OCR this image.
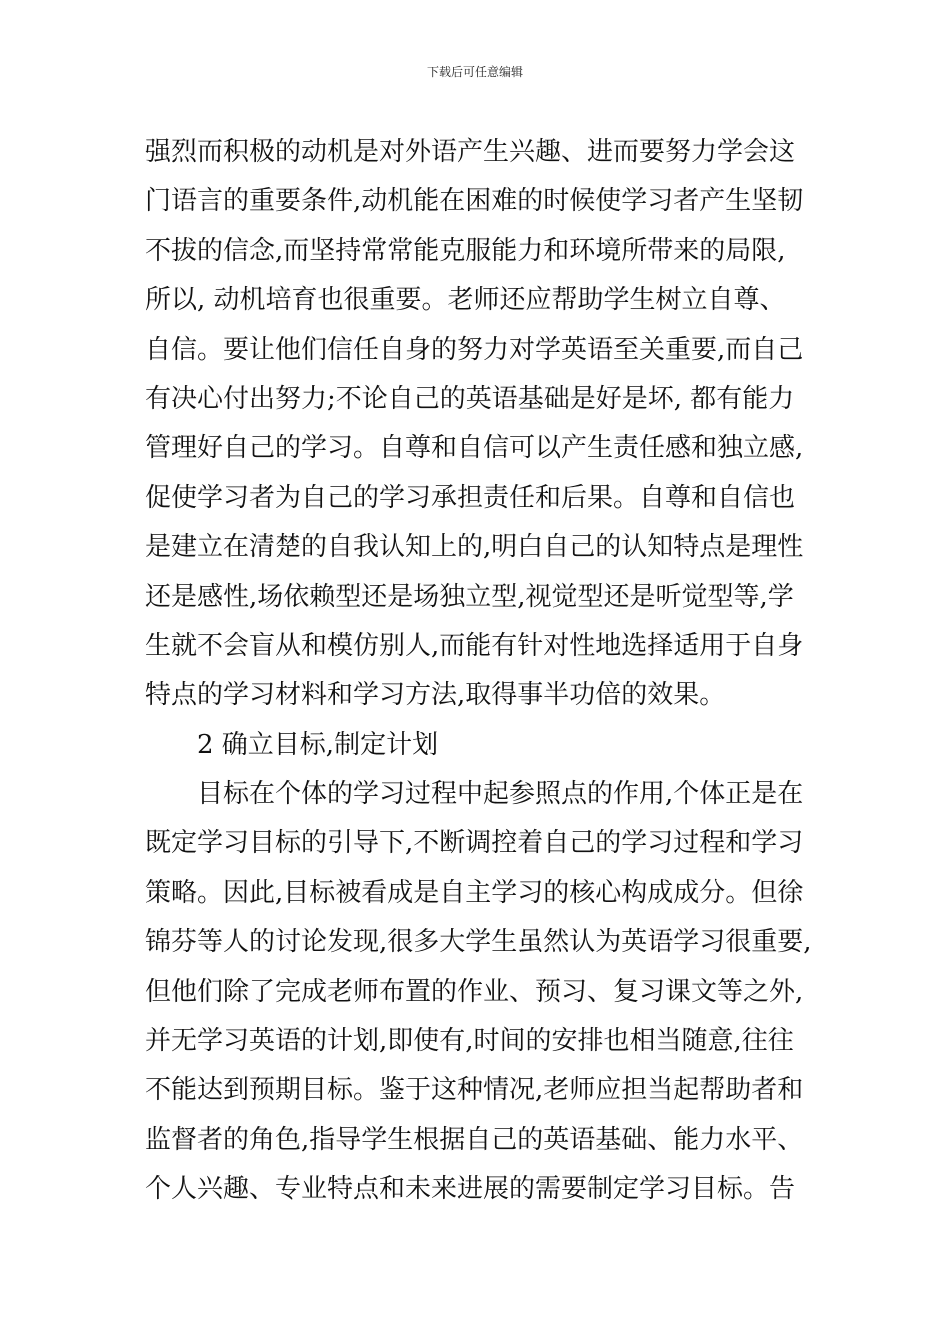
下载后可任意编辑
强烈而积极的动机是对外语产生兴趣、进而要努力学会这
门语言的重要条件,动机能在困难的时候使学习者产生坚韧
不拔的信念,而坚持常常能克服能力和环境所带来的局限,
所以, 动机培育也很重要。老师还应帮助学生树立自尊、
自信。要让他们信任自身的努力对学英语至关重要,而自己
有决心付出努力;不论自己的英语基础是好是坏, 都有能力
管理好自己的学习。自尊和自信可以产生责任感和独立感,
促使学习者为自己的学习承担责任和后果。自尊和自信也
是建立在清楚的自我认知上的,明白自己的认知特点是理性
还是感性,场依赖型还是场独立型,视觉型还是听觉型等,学
生就不会盲从和模仿别人,而能有针对性地选择适用于自身
特点的学习材料和学习方法,取得事半功倍的效果。
2 确立目标,制定计划
目标在个体的学习过程中起参照点的作用,个体正是在
既定学习目标的引导下,不断调控着自己的学习过程和学习
策略。因此,目标被看成是自主学习的核心构成成分。但徐
锦芬等人的讨论发现,很多大学生虽然认为英语学习很重要,
但他们除了完成老师布置的作业、预习、复习课文等之外,
并无学习英语的计划,即使有,时间的安排也相当随意,往往
不能达到预期目标。鉴于这种情况,老师应担当起帮助者和
监督者的角色,指导学生根据自己的英语基础、能力水平、
个人兴趣、专业特点和未来进展的需要制定学习目标。告
